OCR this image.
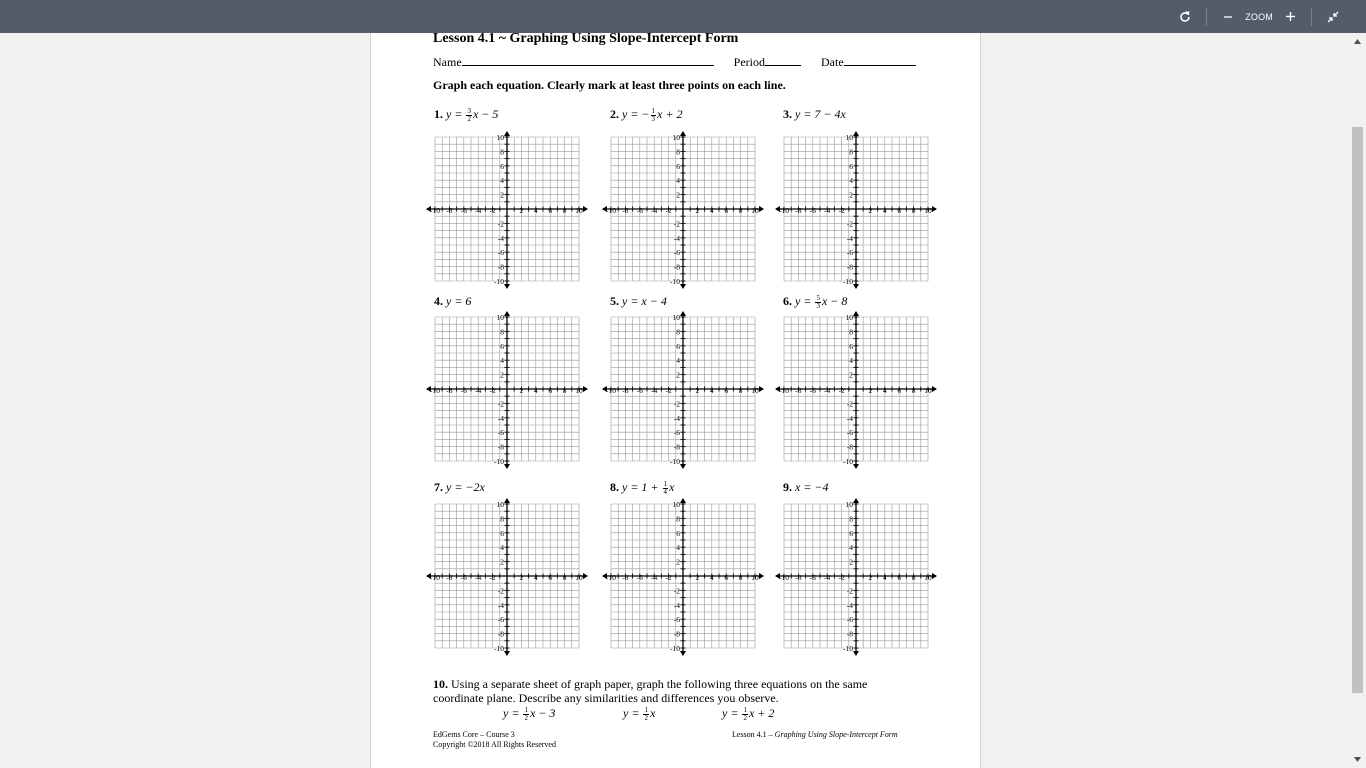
ZOOM
Lesson 4.1 ~ Graphing Using Slope-Intercept Form
Name	Period	Date
Graph each equation. Clearly mark at least three points on each line.
1. $y = \frac{3}{2}$ x − 5
-10 -8 -6 -4 -2	2 4 6 8 10
10
8
6
4
2
-2
-4
-6
-8
-10
2. y = − $\frac{1}{3}$ x + 2
-10 -8 -6 -4 -2	2 4 6 8 10
10
8
6
4
2
-2
-4
-6
-8
-10
3. y = 7 − 4x
-10 -8 -6 -4 -2	2 4 6 8 10
10
8
6
4
2
-2
-4
-6
-8
-10
4. y = 6
-10 -8 -6 -4 -2	2 4 6 8 10
10
8
6
4
2
-2
-4
-6
-8
-10
5. y = x − 4
-10 -8 -6 -4 -2	2 4 6 8 10
10
8
6
4
2
-2
-4
-6
-8
-10
6. $y = \frac{5}{3}$ x − 8
-10 -8 -6 -4 -2	2 4 6 8 10
10
8
6
4
2
-2
-4
-6
-8
-10
7. y = −2x
-10 -8 -6 -4 -2	2 4 6 8 10
10
8
6
4
2
-2
-4
-6
-8
-10
8. $y = 1 + \frac{1}{4}$ x
-10 -8 -6 -4 -2	2 4 6 8 10
10
8
6
4
2
-2
-4
-6
-8
-10
9. x = −4
-10 -8 -6 -4 -2	2 4 6 8 10
10
8
6
4
2
-2
-4
-6
-8
-10
10. Using a separate sheet of graph paper, graph the following three equations on the same coordinate plane. Describe any similarities and differences you observe.
$y = \frac{1}{2}$ x − 3	$y = \frac{1}{2}$ x	$y = \frac{1}{2}$ x + 2
EdGems Core – Course 3
Copyright ©2018 All Rights Reserved
Lesson 4.1 – Graphing Using Slope-Intercept Form
